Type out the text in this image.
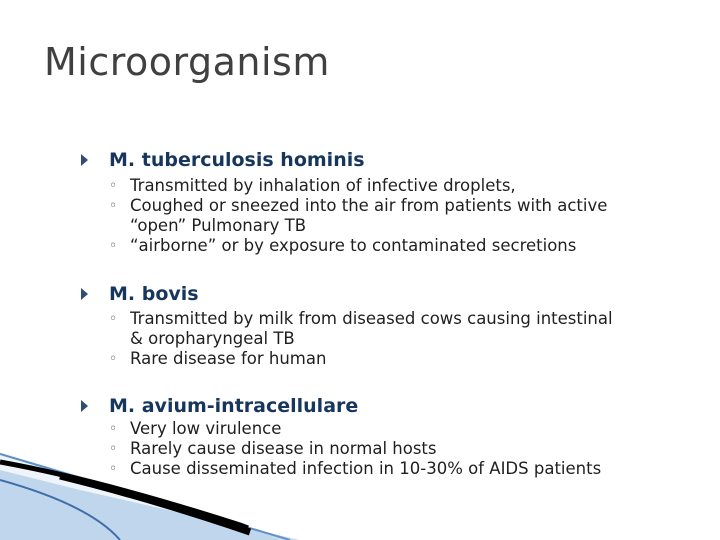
Microorganism
M. tuberculosis hominis
◦ Transmitted by inhalation of infective droplets,
◦ Coughed or sneezed into the air from patients with active
“open” Pulmonary TB
◦ “airborne” or by exposure to contaminated secretions
M. bovis
◦ Transmitted by milk from diseased cows causing intestinal
& oropharyngeal TB
◦ Rare disease for human
M. avium-intracellulare
◦ Very low virulence
◦ Rarely cause disease in normal hosts
◦ Cause disseminated infection in 10-30% of AIDS patients
